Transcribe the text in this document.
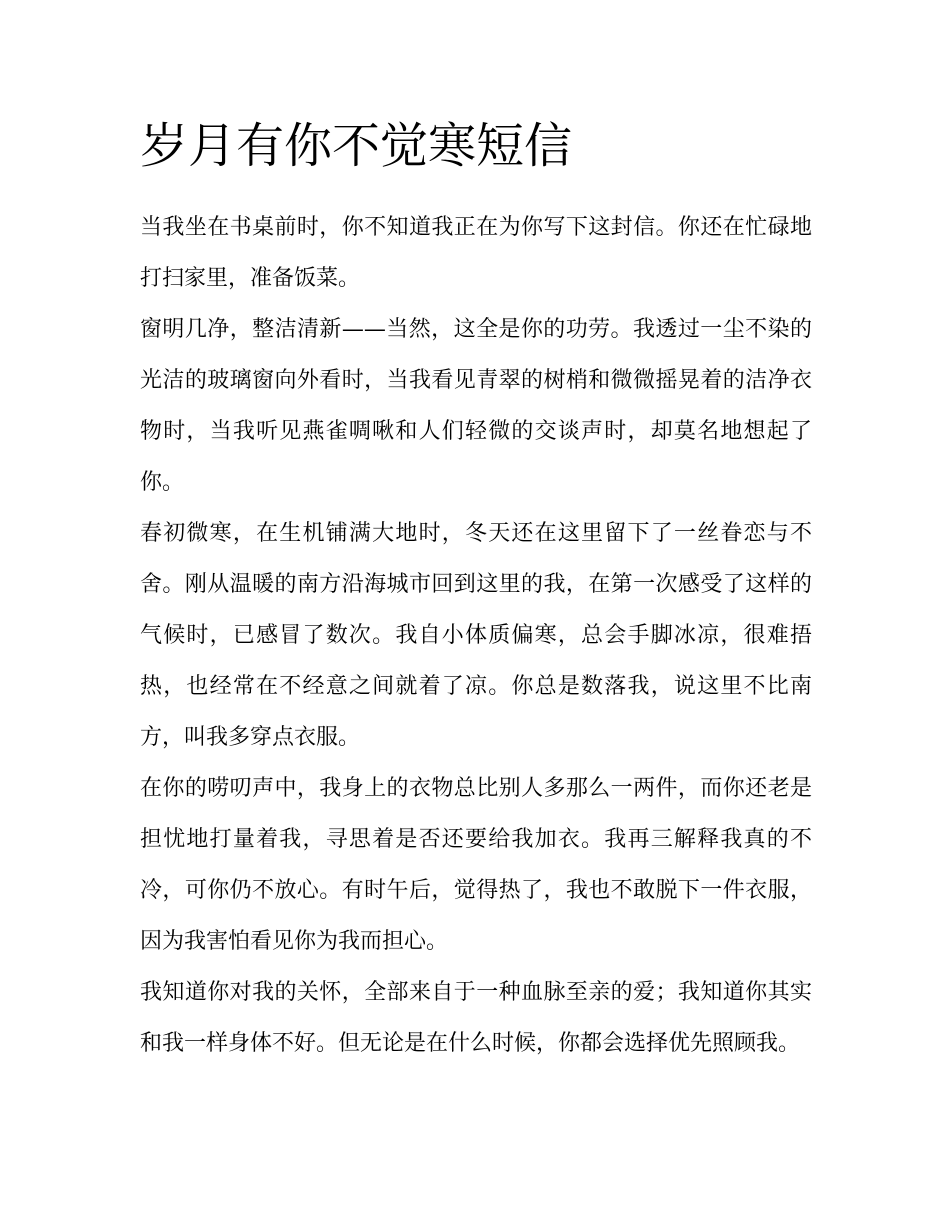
岁月有你不觉寒短信

当我坐在书桌前时，你不知道我正在为你写下这封信。你还在忙碌地打扫家里，准备饭菜。

窗明几净，整洁清新——当然，这全是你的功劳。我透过一尘不染的光洁的玻璃窗向外看时，当我看见青翠的树梢和微微摇晃着的洁净衣物时，当我听见燕雀啁啾和人们轻微的交谈声时，却莫名地想起了你。

春初微寒，在生机铺满大地时，冬天还在这里留下了一丝眷恋与不舍。刚从温暖的南方沿海城市回到这里的我，在第一次感受了这样的气候时，已感冒了数次。我自小体质偏寒，总会手脚冰凉，很难捂热，也经常在不经意之间就着了凉。你总是数落我，说这里不比南方，叫我多穿点衣服。

在你的唠叨声中，我身上的衣物总比别人多那么一两件，而你还老是担忧地打量着我，寻思着是否还要给我加衣。我再三解释我真的不冷，可你仍不放心。有时午后，觉得热了，我也不敢脱下一件衣服，因为我害怕看见你为我而担心。

我知道你对我的关怀，全部来自于一种血脉至亲的爱；我知道你其实和我一样身体不好。但无论是在什么时候，你都会选择优先照顾我。
